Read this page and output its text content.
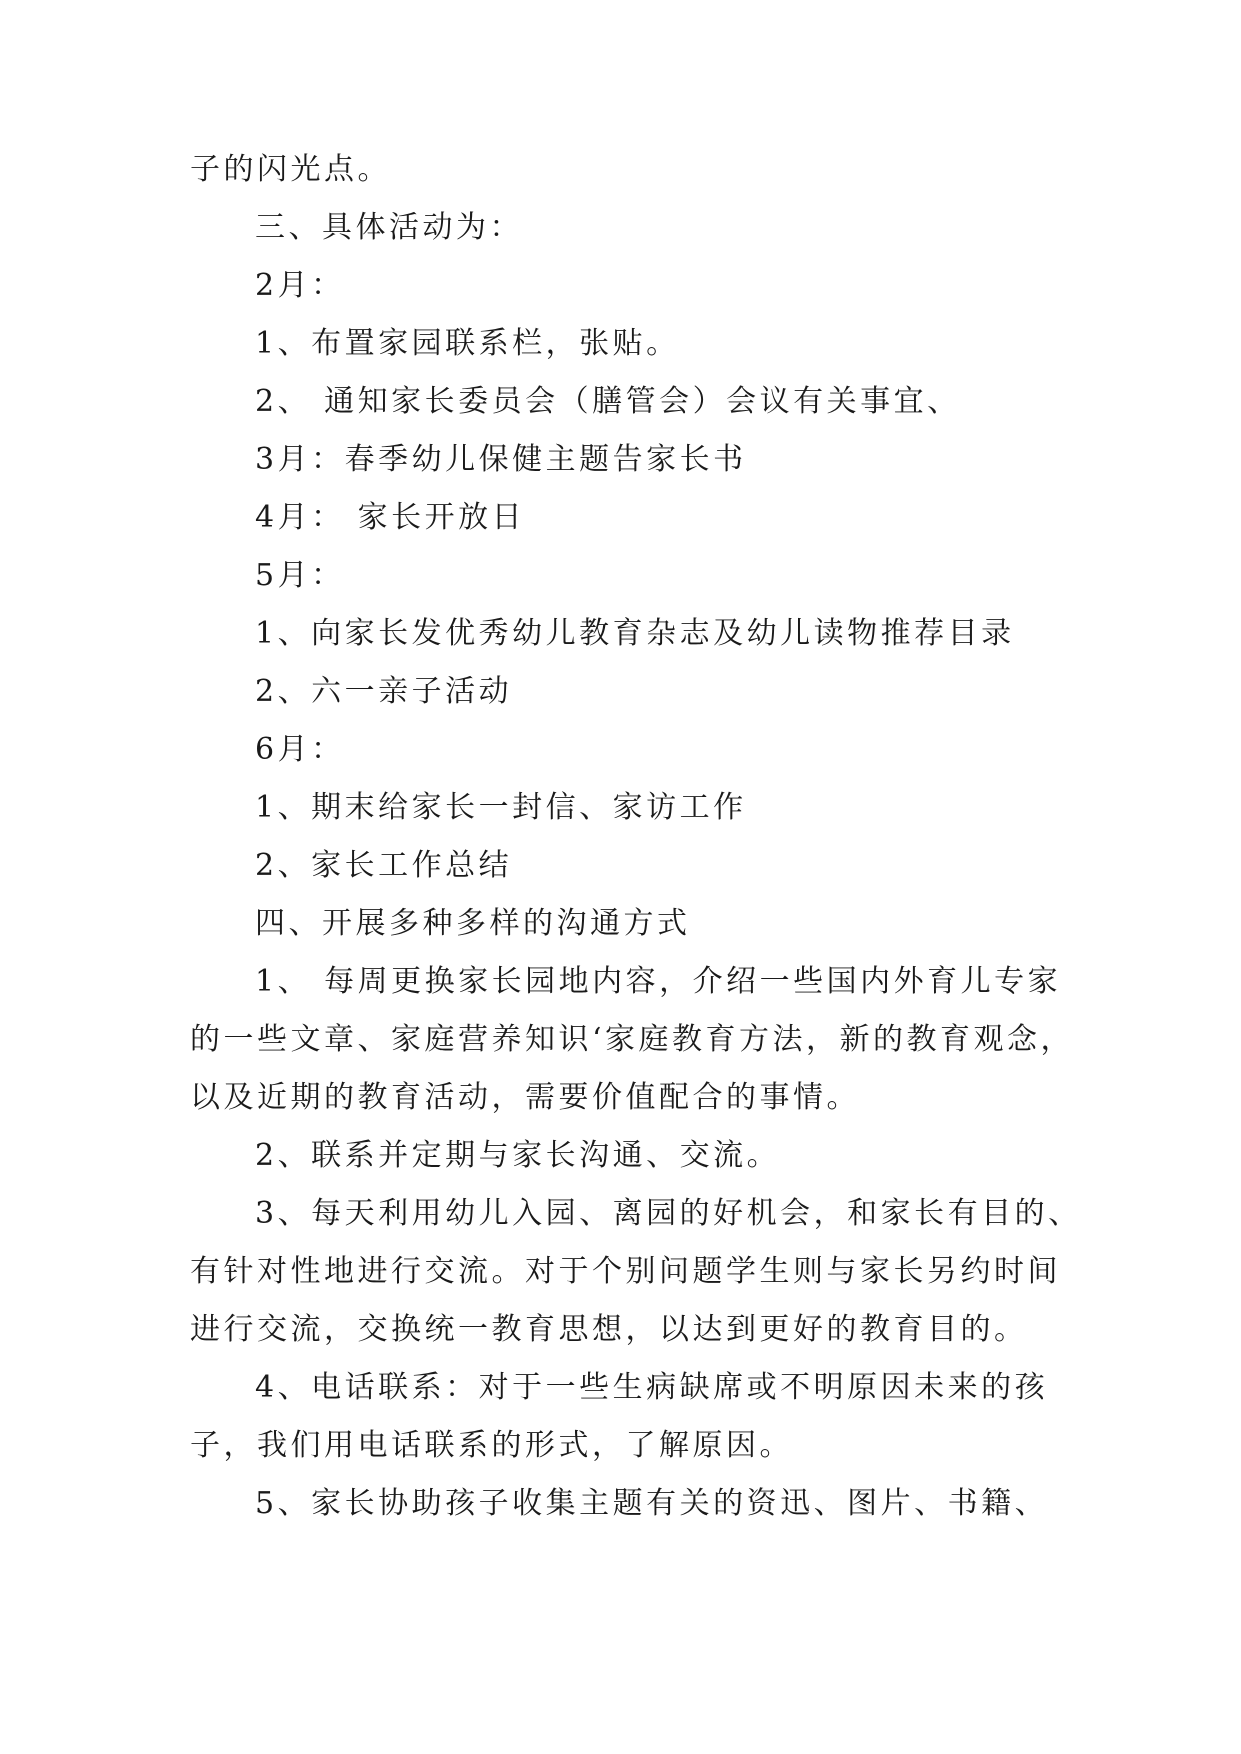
子的闪光点。

三、具体活动为：

2月：

1、布置家园联系栏，张贴。

2、 通知家长委员会（膳管会）会议有关事宜、

3月：春季幼儿保健主题告家长书

4月： 家长开放日

5月：

1、向家长发优秀幼儿教育杂志及幼儿读物推荐目录

2、六一亲子活动

6月：

1、期末给家长一封信、家访工作

2、家长工作总结

四、开展多种多样的沟通方式

1、 每周更换家长园地内容，介绍一些国内外育儿专家

的一些文章、家庭营养知识‘家庭教育方法，新的教育观念，

以及近期的教育活动，需要价值配合的事情。

2、联系并定期与家长沟通、交流。

3、每天利用幼儿入园、离园的好机会，和家长有目的、

有针对性地进行交流。对于个别问题学生则与家长另约时间

进行交流，交换统一教育思想，以达到更好的教育目的。

4、电话联系：对于一些生病缺席或不明原因未来的孩

子，我们用电话联系的形式，了解原因。

5、家长协助孩子收集主题有关的资迅、图片、书籍、
